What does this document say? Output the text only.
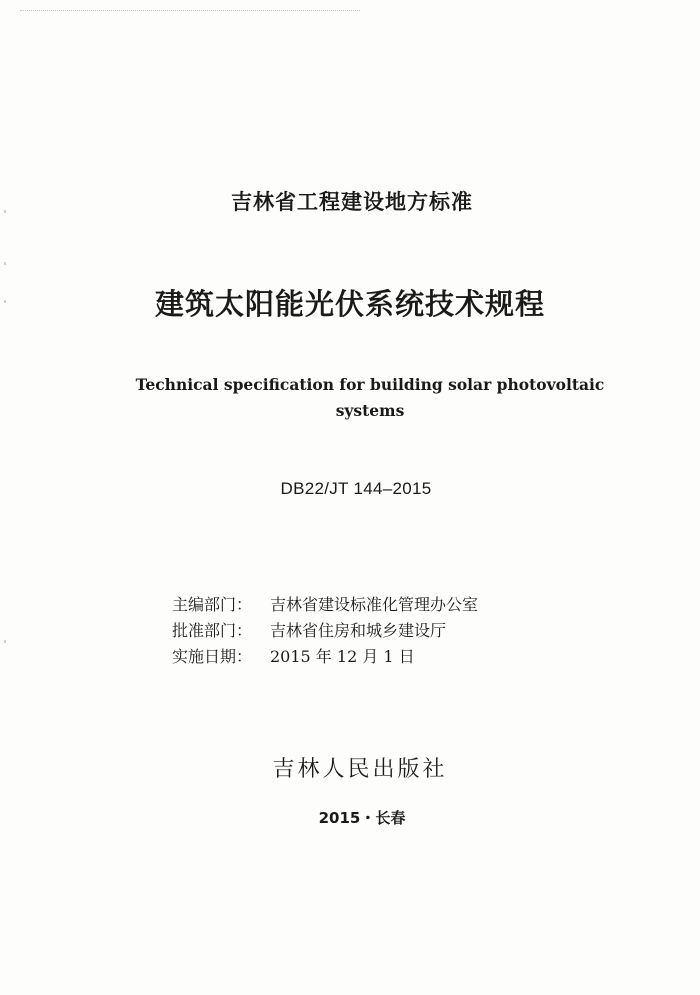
吉林省工程建设地方标准
建筑太阳能光伏系统技术规程
Technical specification for building solar photovoltaic
systems
DB22/JT 144–2015
主编部门：	吉林省建设标准化管理办公室
批准部门：	吉林省住房和城乡建设厅
实施日期：	2015 年 12 月 1 日
吉林人民出版社
2015・长春
